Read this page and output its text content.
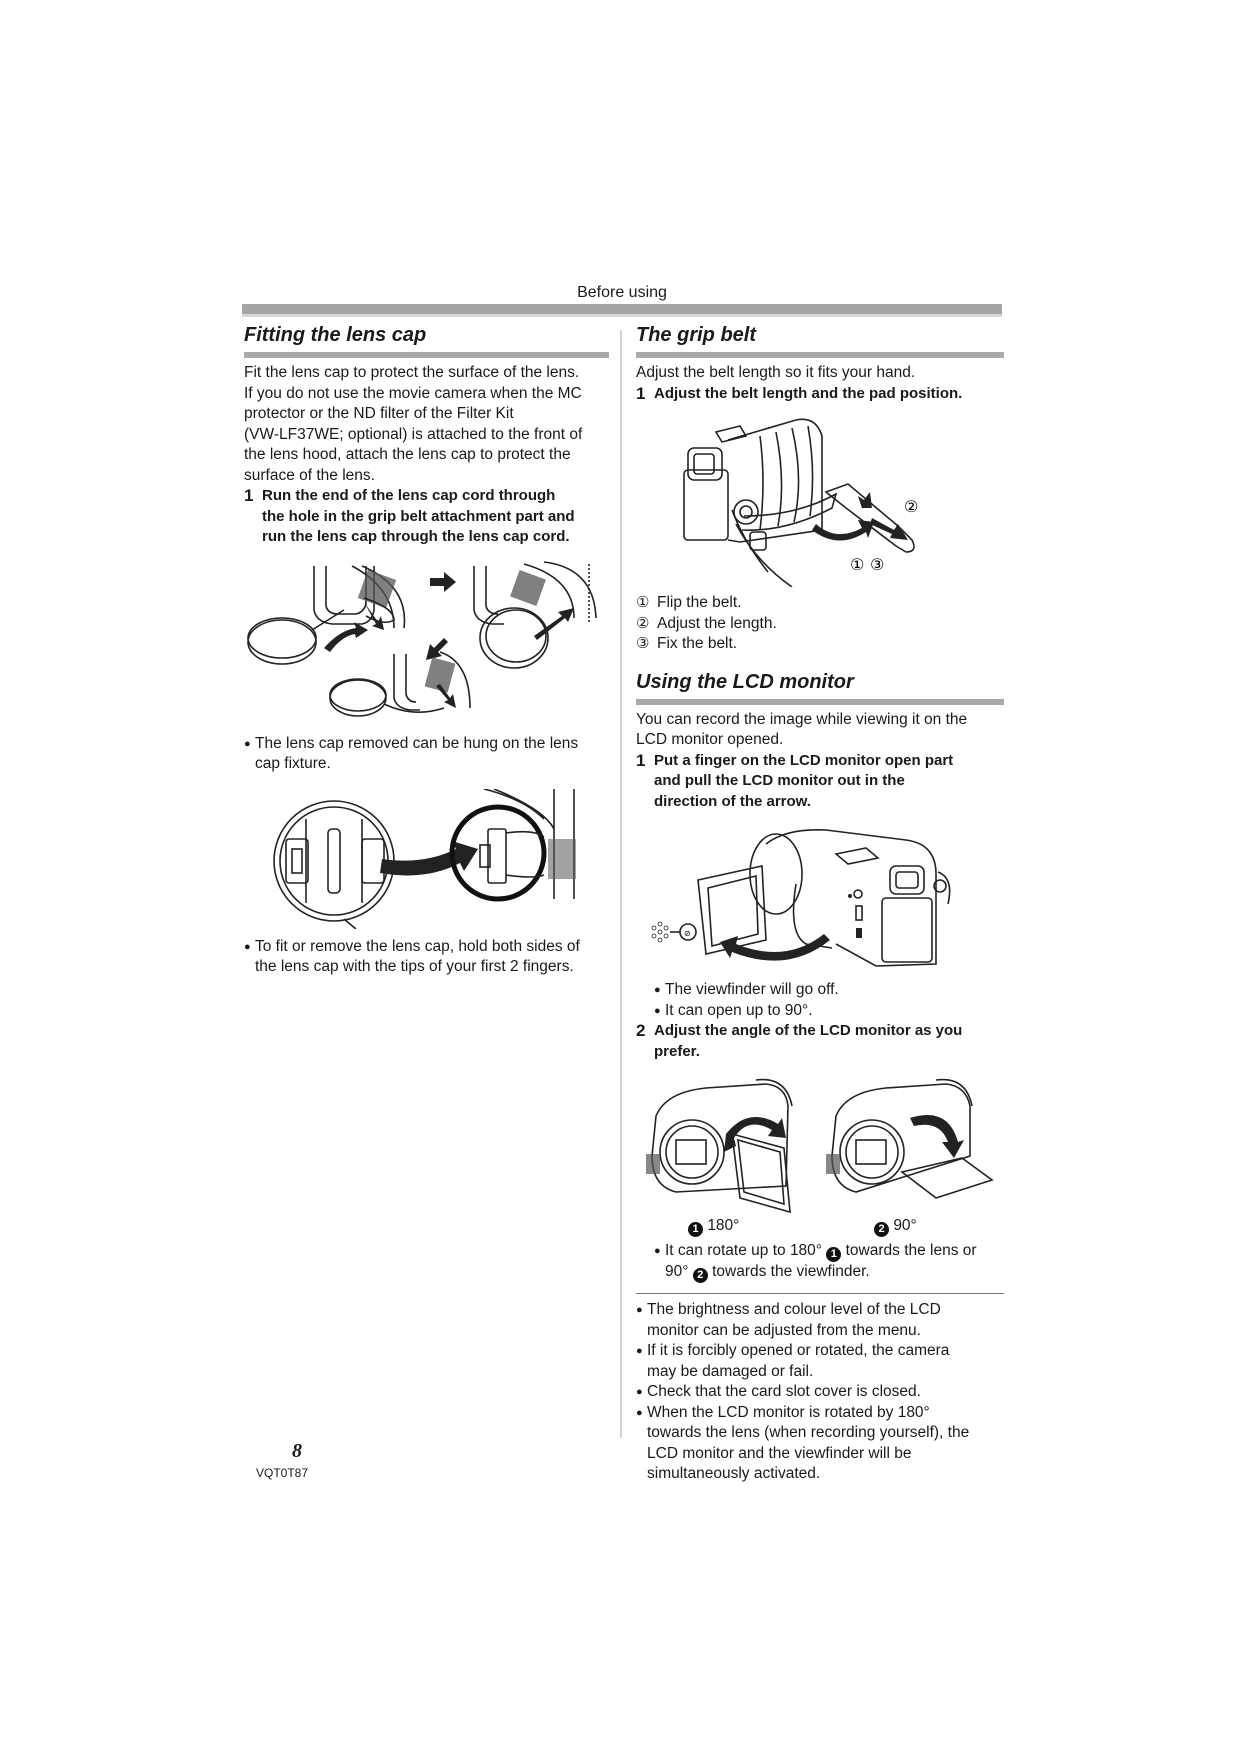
Before using
Fitting the lens cap

Fit the lens cap to protect the surface of the lens.

If you do not use the movie camera when the MC

protector or the ND filter of the Filter Kit

(VW-LF37WE; optional) is attached to the front of

the lens hood, attach the lens cap to protect the

surface of the lens.

1 Run the end of the lens cap cord through
the hole in the grip belt attachment part and
run the lens cap through the lens cap cord.
● The lens cap removed can be hung on the lens
cap fixture.
● To fit or remove the lens cap, hold both sides of
the lens cap with the tips of your first 2 fingers.
The grip belt

Adjust the belt length so it fits your hand.

1 Adjust the belt length and the pad position.
②
① ③
① Flip the belt.
② Adjust the length.
③ Fix the belt.
Using the LCD monitor

You can record the image while viewing it on the

LCD monitor opened.

1 Put a finger on the LCD monitor open part
and pull the LCD monitor out in the
direction of the arrow.
⊘
● The viewfinder will go off.
● It can open up to 90°.
2 Adjust the angle of the LCD monitor as you
prefer.
1 180°	2 90°
● It can rotate up to 180° 1 towards the lens or
90° 2 towards the viewfinder.
● The brightness and colour level of the LCD
monitor can be adjusted from the menu.
● If it is forcibly opened or rotated, the camera
may be damaged or fail.
● Check that the card slot cover is closed.
● When the LCD monitor is rotated by 180°
towards the lens (when recording yourself), the
LCD monitor and the viewfinder will be
simultaneously activated.
8
VQT0T87
